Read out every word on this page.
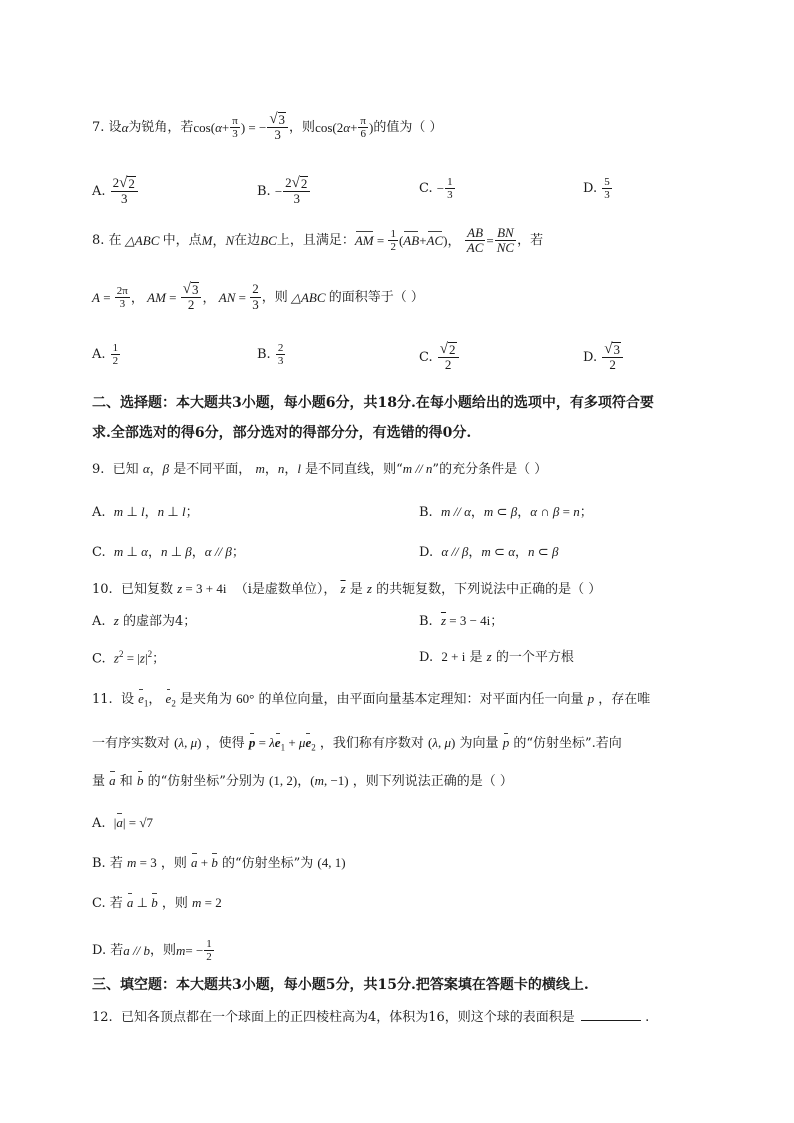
7.
设 α 为锐角，若 cos( $\alpha + \frac{\pi}{3}$ ) = − $\frac{√ 3}{3}$ ，则 cos(2 $\alpha + \frac{\pi}{6}$ ) 的值为（ ）
A.
$\frac{2 √ 2}{3}$	B.
− $\frac{2 √ 2}{3}$	C.
− $\frac{1}{3}$	D.
$\frac{5}{3}$
8.
在 △ABC 中，点 M ， N 在边 BC 上，且满足： AM = $\frac{1}{2}$ ( AB + AC ) ， $\frac{AB}{AC} = \frac{BN}{NC}$ ，若
$A = \frac{2\pi}{3}$ ， AM = $\frac{√ 3}{2}$ ， AN = $\frac{2}{3}$ ，则 △ABC 的面积等于（ ）
A.
$\frac{1}{2}$	B.
$\frac{2}{3}$	C.
$\frac{√ 2}{2}$	D.
$\frac{√ 3}{2}$
二、选择题：本大题共3小题，每小题6分，共18分.在每小题给出的选项中，有多项符合要
求.全部选对的得6分，部分选对的得部分分，有选错的得0分.
9. 已知 α，β 是不同平面， m，n，l 是不同直线，则“m // n”的充分条件是（ ）
A. m ⊥ l，n ⊥ l；	B. m // α，m ⊂ β，α ∩ β = n；
C. m ⊥ α，n ⊥ β，α // β；	D. α // β，m ⊂ α，n ⊂ β
10. 已知复数 z = 3 + 4i （i是虚数单位）， $\overline{z}$ 是 z 的共轭复数，下列说法中正确的是（ ）
A. z 的虚部为4；	B. $\overline{z} = 3 - 4i$；
C. $z^2 = |z|^2$；	D. 2 + i 是 z 的一个平方根
11. 设 $e_1$， $e_2$ 是夹角为 60° 的单位向量，由平面向量基本定理知：对平面内任一向量 p ，存在唯
一有序实数对 (λ, μ) ，使得 $p = \lambda e_1 + \mu e_2$ ，我们称有序数对 (λ, μ) 为向量 p 的“仿射坐标”.若向
量 a 和 b 的“仿射坐标”分别为 (1, 2)，(m, −1) ，则下列说法正确的是（ ）
A. |a| = √7
B. 若 m = 3 ，则 a + b 的“仿射坐标”为 (4, 1)
C. 若 a ⊥ b ，则 m = 2
D. 若 a // b ，则 m = − $\frac{1}{2}$
三、填空题：本大题共3小题，每小题5分，共15分.把答案填在答题卡的横线上.
12. 已知各顶点都在一个球面上的正四棱柱高为4，体积为16，则这个球的表面积是	.
